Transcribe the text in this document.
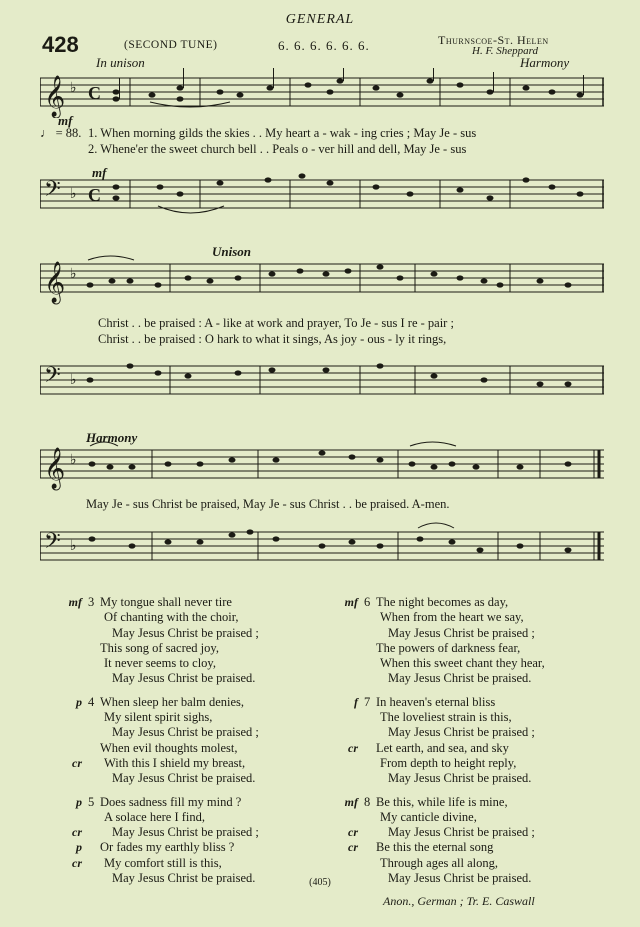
GENERAL
428	(SECOND TUNE)	6. 6. 6. 6. 6. 6.	Thurnscoe-St. Helen
H. F. Sheppard
In unison	Harmony
mf
mf
𝄞 ♭ C
♩ = 88. 1. When morning gilds the skies . . My heart a - wak - ing cries ; May Je - sus
2. Whene'er the sweet church bell . . Peals o - ver hill and dell, May Je - sus
𝄢 ♭ C
Unison
𝄞 ♭
Christ . . be praised : A - like at work and prayer, To Je - sus I re - pair ;
Christ . . be praised : O hark to what it sings, As joy - ous - ly it rings,
𝄢 ♭
Harmony
𝄞 ♭
May Je - sus Christ be praised, May Je - sus Christ . . be praised. A-men.
𝄢 ♭
mf 3 My tongue shall never tire
Of chanting with the choir,
May Jesus Christ be praised ;
This song of sacred joy,
It never seems to cloy,
May Jesus Christ be praised.
p 4 When sleep her balm denies,
My silent spirit sighs,
May Jesus Christ be praised ;
When evil thoughts molest,
cr With this I shield my breast,
May Jesus Christ be praised.
p 5 Does sadness fill my mind ?
A solace here I find,
cr May Jesus Christ be praised ;
p Or fades my earthly bliss ?
cr My comfort still is this,
May Jesus Christ be praised.
mf 6 The night becomes as day,
When from the heart we say,
May Jesus Christ be praised ;
The powers of darkness fear,
When this sweet chant they hear,
May Jesus Christ be praised.
f 7 In heaven's eternal bliss
The loveliest strain is this,
May Jesus Christ be praised ;
cr Let earth, and sea, and sky
From depth to height reply,
May Jesus Christ be praised.
mf 8 Be this, while life is mine,
My canticle divine,
cr May Jesus Christ be praised ;
cr Be this the eternal song
Through ages all along,
May Jesus Christ be praised.
(405)
Anon., German ; Tr. E. Caswall
